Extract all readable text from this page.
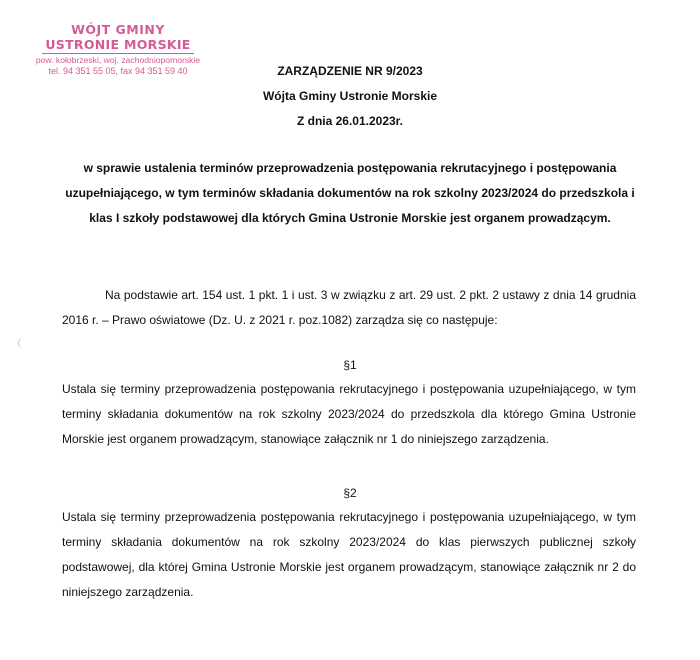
WÓJT GMINY
USTRONIE MORSKIE
pow. kołobrzeski, woj. zachodniopomorskie
tel. 94 351 55 05, fax 94 351 59 40	ZARZĄDZENIE NR 9/2023
Wójta Gminy Ustronie Morskie
Z dnia 26.01.2023r.
w sprawie ustalenia terminów przeprowadzenia postępowania rekrutacyjnego i postępowania uzupełniającego, w tym terminów składania dokumentów na rok szkolny 2023/2024 do przedszkola i klas I szkoły podstawowej dla których Gmina Ustronie Morskie jest organem prowadzącym.
Na podstawie art. 154 ust. 1 pkt. 1 i ust. 3 w związku z art. 29 ust. 2 pkt. 2 ustawy z dnia 14 grudnia 2016 r. – Prawo oświatowe (Dz. U. z 2021 r. poz.1082) zarządza się co następuje:
§1
Ustala się terminy przeprowadzenia postępowania rekrutacyjnego i postępowania uzupełniającego, w tym terminy składania dokumentów na rok szkolny 2023/2024 do przedszkola dla którego Gmina Ustronie Morskie jest organem prowadzącym, stanowiące załącznik nr 1 do niniejszego zarządzenia.
§2
Ustala się terminy przeprowadzenia postępowania rekrutacyjnego i postępowania uzupełniającego, w tym terminy składania dokumentów na rok szkolny 2023/2024 do klas pierwszych publicznej szkoły podstawowej, dla której Gmina Ustronie Morskie jest organem prowadzącym, stanowiące załącznik nr 2 do niniejszego zarządzenia.
